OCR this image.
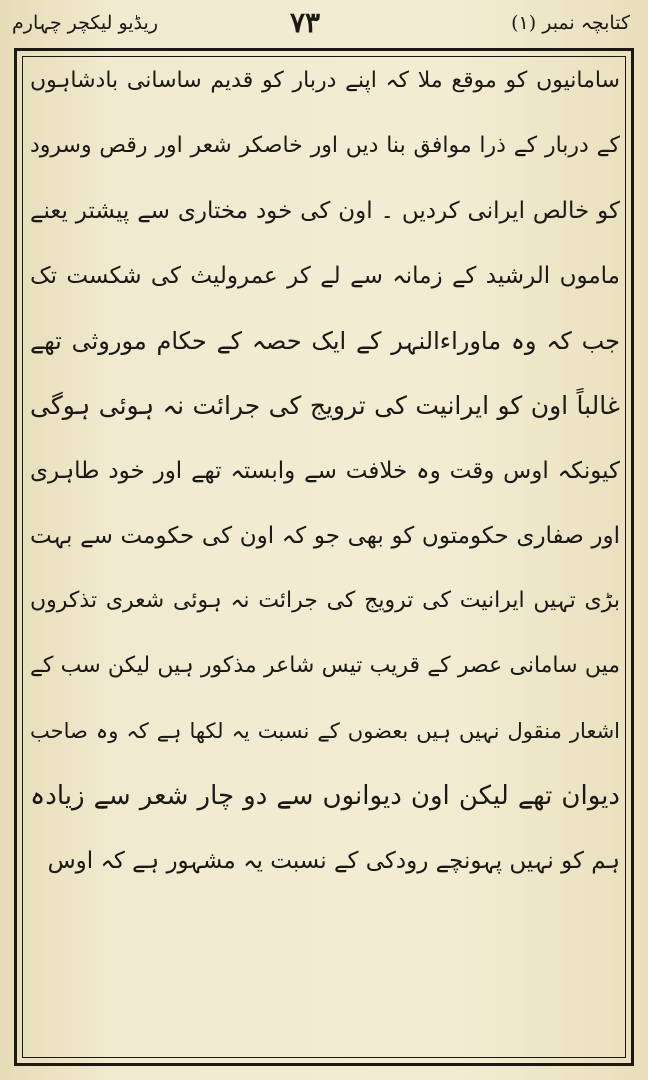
ریڈیو لیکچر چہارم	۷۳	کتابچہ نمبر (۱)
سامانیوں کو موقع ملا کہ اپنے دربار کو قدیم ساسانی بادشاہوں
کے دربار کے ذرا موافق بنا دیں اور خاصکر شعر اور رقص وسرود
کو خالص ایرانی کردیں ۔ اون کی خود مختاری سے پیشتر یعنے
ماموں الرشید کے زمانہ سے لے کر عمرولیث کی شکست تک
جب کہ وہ ماوراءالنہر کے ایک حصہ کے حکام موروثی تھے
غالباً اون کو ایرانیت کی ترویج کی جرائت نہ ہوئی ہوگی
کیونکہ اوس وقت وہ خلافت سے وابستہ تھے اور خود طاہری
اور صفاری حکومتوں کو بھی جو کہ اون کی حکومت سے بہت
بڑی تہیں ایرانیت کی ترویج کی جرائت نہ ہوئی شعری تذکروں
میں سامانی عصر کے قریب تیس شاعر مذکور ہیں لیکن سب کے
اشعار منقول نہیں ہیں بعضوں کے نسبت یہ لکھا ہے کہ وہ صاحب
دیوان تھے لیکن اون دیوانوں سے دو چار شعر سے زیادہ
ہم کو نہیں پہونچے رودکی کے نسبت یہ مشہور ہے کہ اوس
